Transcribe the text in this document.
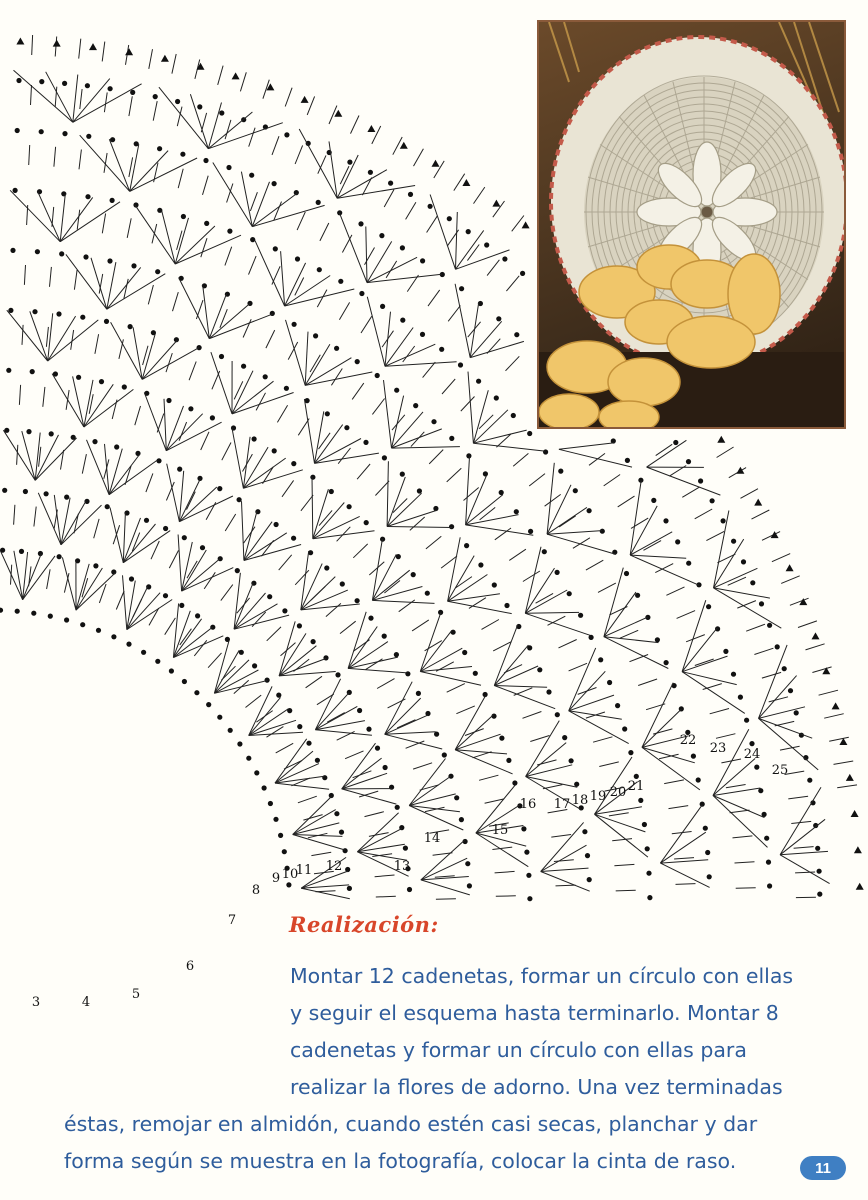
3	4
5
6
7
8
9 10
11 12	13
14
15
16 17 18 19 20 21
22
23 24
25
Realización:

Montar 12 cadenetas, formar un círculo con ellas
y seguir el esquema hasta terminarlo. Montar 8
cadenetas y formar un círculo con ellas para
realizar la flores de adorno. Una vez terminadas
éstas, remojar en almidón, cuando estén casi secas, planchar y dar
forma según se muestra en la fotografía, colocar la cinta de raso.	11
